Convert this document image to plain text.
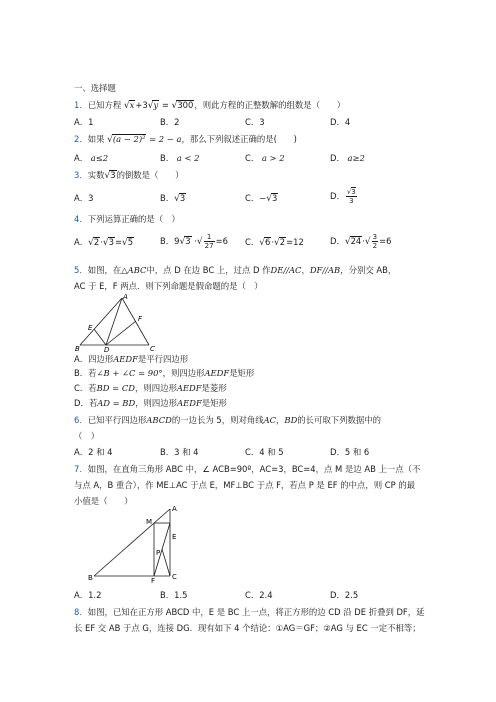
一、选择题
1．已知方程 √x+3√y = √300，则此方程的正整数解的组数是（　　）
A．1	B．2	C．3	D．4
2．如果 √(a − 2)² = 2 − a，那么下列叙述正确的是(　　)
A． a≤2	B． a < 2	C． a > 2	D． a≥2
3．实数√3的倒数是（　　）
A．3	B．√3	C．−√3	D． $\frac{√3}{3}$
4．下列运算正确的是（　）
A．√2·√3=√5	B．9√3 ·√ $\frac{1}{27} =6$ C．√6·√2=12	D．$√24\cdot√ \frac{3}{2} =6$
5．如图，在△ABC中，点 D 在边 BC 上，过点 D 作DE//AC，DF//AB，分别交 AB，
AC 于 E，F 两点．则下列命题是假命题的是（　）
A
B	C
D
E
F
A．四边形AEDF是平行四边形
B．若∠B + ∠C = 90°，则四边形AEDF是矩形
C．若BD = CD，则四边形AEDF是菱形
D．若AD = BD，则四边形AEDF是矩形
6．已知平行四边形ABCD的一边长为 5，则对角线AC，BD的长可取下列数据中的
（　）
A．2 和 4	B．3 和 4	C．4 和 5	D．5 和 6
7．如图，在直角三角形 ABC 中，∠ ACB=90º，AC=3，BC=4，点 M 是边 AB 上一点（不
与点 A，B 重合），作 ME⊥AC 于点 E，MF⊥BC 于点 F，若点 P 是 EF 的中点，则 CP 的最
小值是（　　）
A
B	C
M
E
F
P
A．1.2	B．1.5	C．2.4	D．2.5
8．如图，已知在正方形 ABCD 中，E 是 BC 上一点，将正方形的边 CD 沿 DE 折叠到 DF，延
长 EF 交 AB 于点 G，连接 DG．现有如下 4 个结论：①AG＝GF；②AG 与 EC 一定不相等；
